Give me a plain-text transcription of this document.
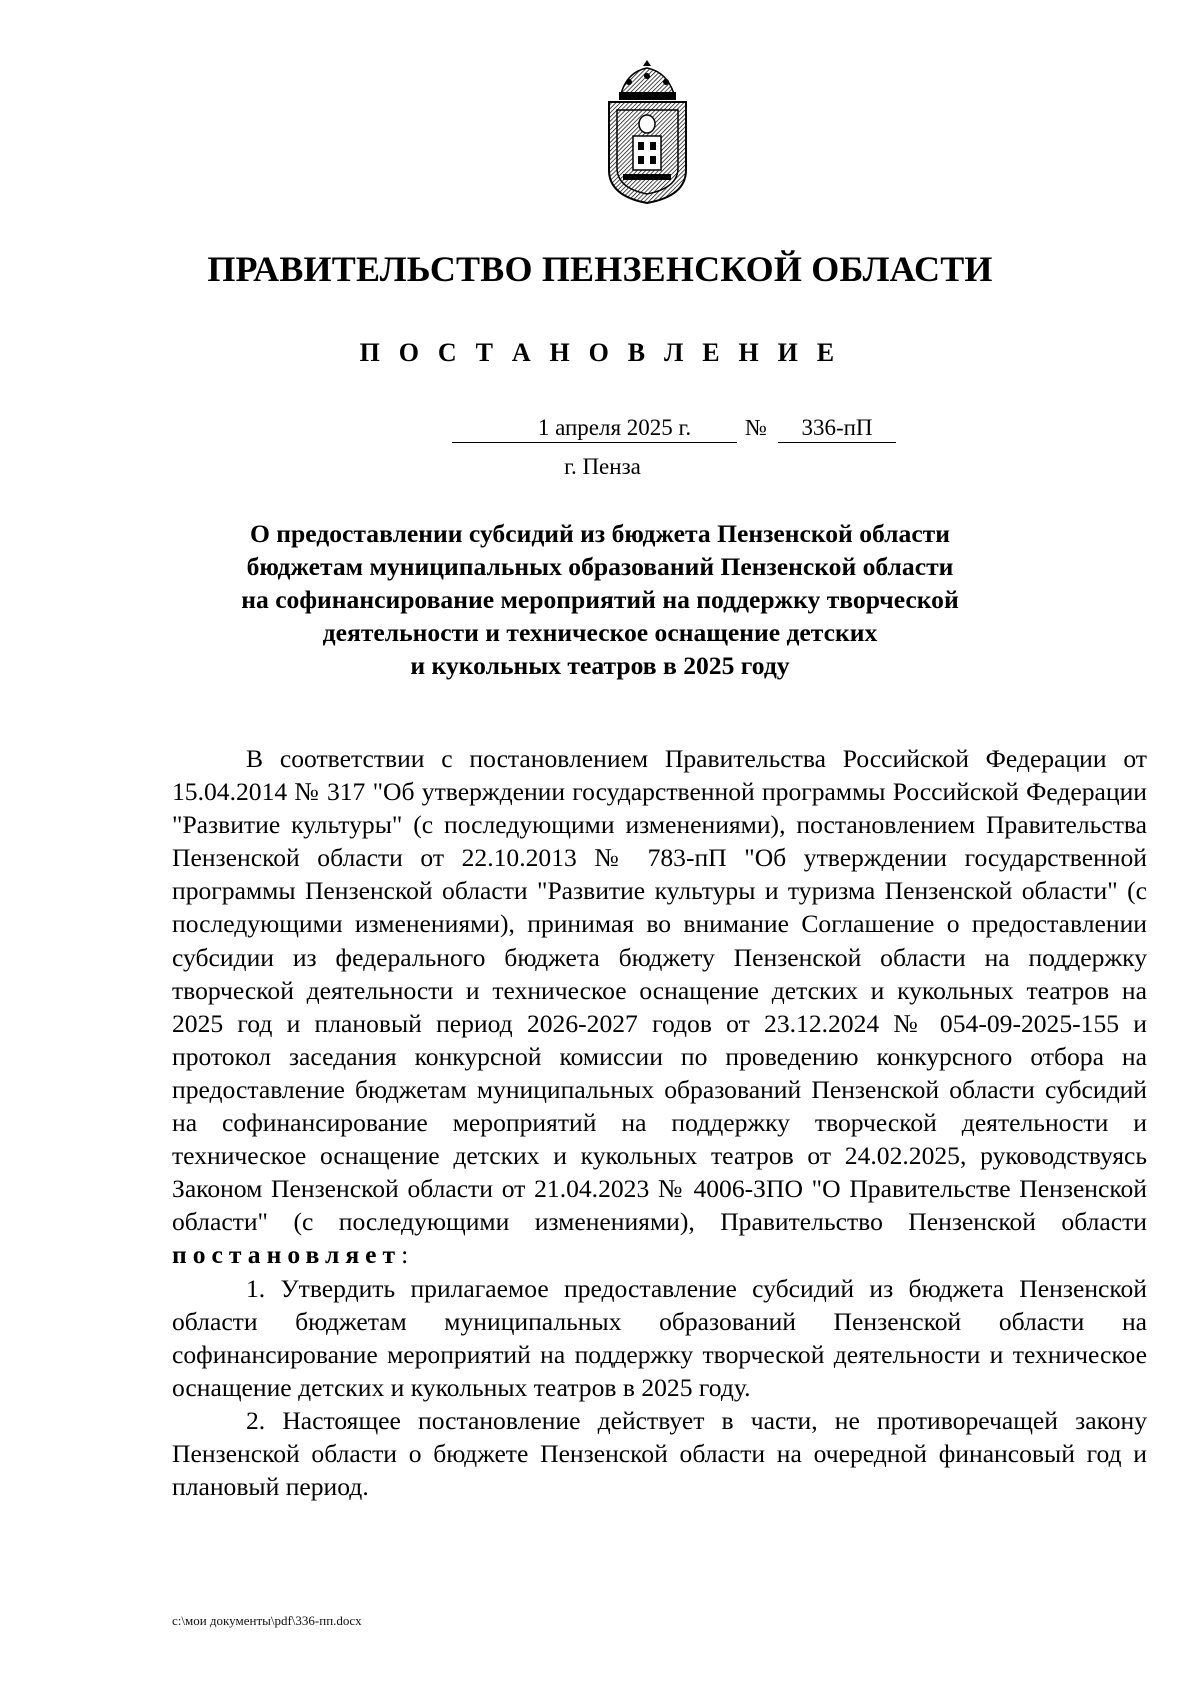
ПРАВИТЕЛЬСТВО ПЕНЗЕНСКОЙ ОБЛАСТИ
П О С Т А Н О В Л Е Н И Е
1 апреля 2025 г.	№	336-пП
г. Пенза
О предоставлении субсидий из бюджета Пензенской области
бюджетам муниципальных образований Пензенской области
на софинансирование мероприятий на поддержку творческой
деятельности и техническое оснащение детских
и кукольных театров в 2025 году

В соответствии с постановлением Правительства Российской Федерации от 15.04.2014 № 317 "Об утверждении государственной программы Российской Федерации "Развитие культуры" (с последующими изменениями), постановлением Правительства Пензенской области от 22.10.2013 № 783-пП "Об утверждении государственной программы Пензенской области "Развитие культуры и туризма Пензенской области" (с последующими изменениями), принимая во внимание Соглашение о предоставлении субсидии из федерального бюджета бюджету Пензенской области на поддержку творческой деятельности и техническое оснащение детских и кукольных театров на 2025 год и плановый период 2026-2027 годов от 23.12.2024 № 054-09-2025-155 и протокол заседания конкурсной комиссии по проведению конкурсного отбора на предоставление бюджетам муниципальных образований Пензенской области субсидий на софинансирование мероприятий на поддержку творческой деятельности и техническое оснащение детских и кукольных театров от 24.02.2025, руководствуясь Законом Пензенской области от 21.04.2023 № 4006-ЗПО "О Правительстве Пензенской области" (с последующими изменениями), Правительство Пензенской области постановляет:

1. Утвердить прилагаемое предоставление субсидий из бюджета Пензенской области бюджетам муниципальных образований Пензенской области на софинансирование мероприятий на поддержку творческой деятельности и техническое оснащение детских и кукольных театров в 2025 году.

2. Настоящее постановление действует в части, не противоречащей закону Пензенской области о бюджете Пензенской области на очередной финансовый год и плановый период.

c:\мои документы\pdf\336-пп.docx
